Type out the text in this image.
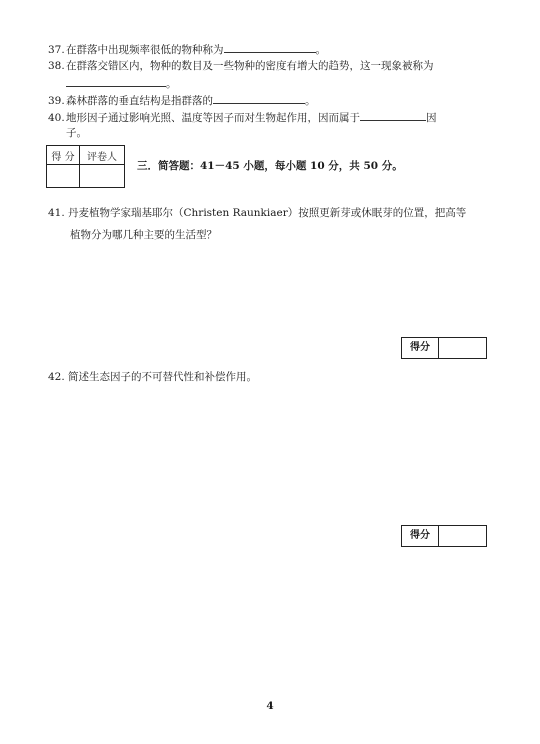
37.在群落中出现频率很低的物种称为	。
38.在群落交错区内，物种的数目及一些物种的密度有增大的趋势，这一现象被称为
。
39.森林群落的垂直结构是指群落的	。
40.地形因子通过影响光照、温度等因子而对生物起作用，因而属于	因
子。
得 分	评卷人

三．简答题：41－45 小题，每小题 10 分，共 50 分。
41. 丹麦植物学家瑞基耶尔（Christen Raunkiaer）按照更新芽或休眠芽的位置，把高等
植物分为哪几种主要的生活型？
得分
42. 简述生态因子的不可替代性和补偿作用。
得分
4
